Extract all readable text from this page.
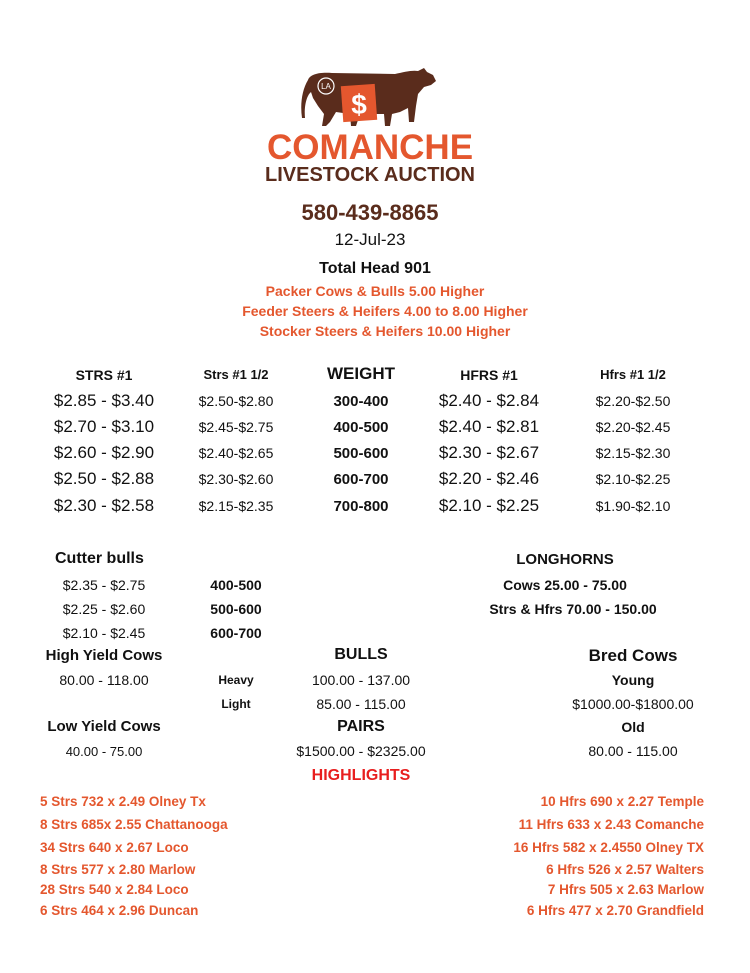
$
LA
COMANCHE
LIVESTOCK AUCTION
580-439-8865
12-Jul-23
Total Head 901
Packer Cows & Bulls 5.00 Higher
Feeder Steers & Heifers 4.00 to 8.00 Higher
Stocker Steers & Heifers 10.00 Higher
STRS #1	Strs #1 1/2	WEIGHT	HFRS #1	Hfrs #1 1/2
$2.85 - $3.40	$2.50-$2.80	300-400	$2.40 - $2.84	$2.20-$2.50
$2.70 - $3.10	$2.45-$2.75	400-500	$2.40 - $2.81	$2.20-$2.45
$2.60 - $2.90	$2.40-$2.65	500-600	$2.30 - $2.67	$2.15-$2.30
$2.50 - $2.88	$2.30-$2.60	600-700	$2.20 - $2.46	$2.10-$2.25
$2.30 - $2.58	$2.15-$2.35	700-800	$2.10 - $2.25	$1.90-$2.10
Cutter bulls
$2.35 - $2.75	400-500
$2.25 - $2.60	500-600
$2.10 - $2.45	600-700
LONGHORNS
Cows 25.00 - 75.00
Strs & Hfrs 70.00 - 150.00
High Yield Cows
80.00 - 118.00
BULLS
Heavy	100.00 - 137.00
Light	85.00 - 115.00
Bred Cows
Young
$1000.00-$1800.00
Old
80.00 - 115.00
Low Yield Cows
40.00 - 75.00
PAIRS
$1500.00 - $2325.00
HIGHLIGHTS
5 Strs 732 x 2.49 Olney Tx
8 Strs 685x 2.55 Chattanooga
34 Strs 640 x 2.67 Loco
8 Strs 577 x 2.80 Marlow
28 Strs 540 x 2.84 Loco
6 Strs 464 x 2.96 Duncan
10 Hfrs 690 x 2.27 Temple
11 Hfrs 633 x 2.43 Comanche
16 Hfrs 582 x 2.4550 Olney TX
6 Hfrs 526 x 2.57 Walters
7 Hfrs 505 x 2.63 Marlow
6 Hfrs 477 x 2.70 Grandfield
